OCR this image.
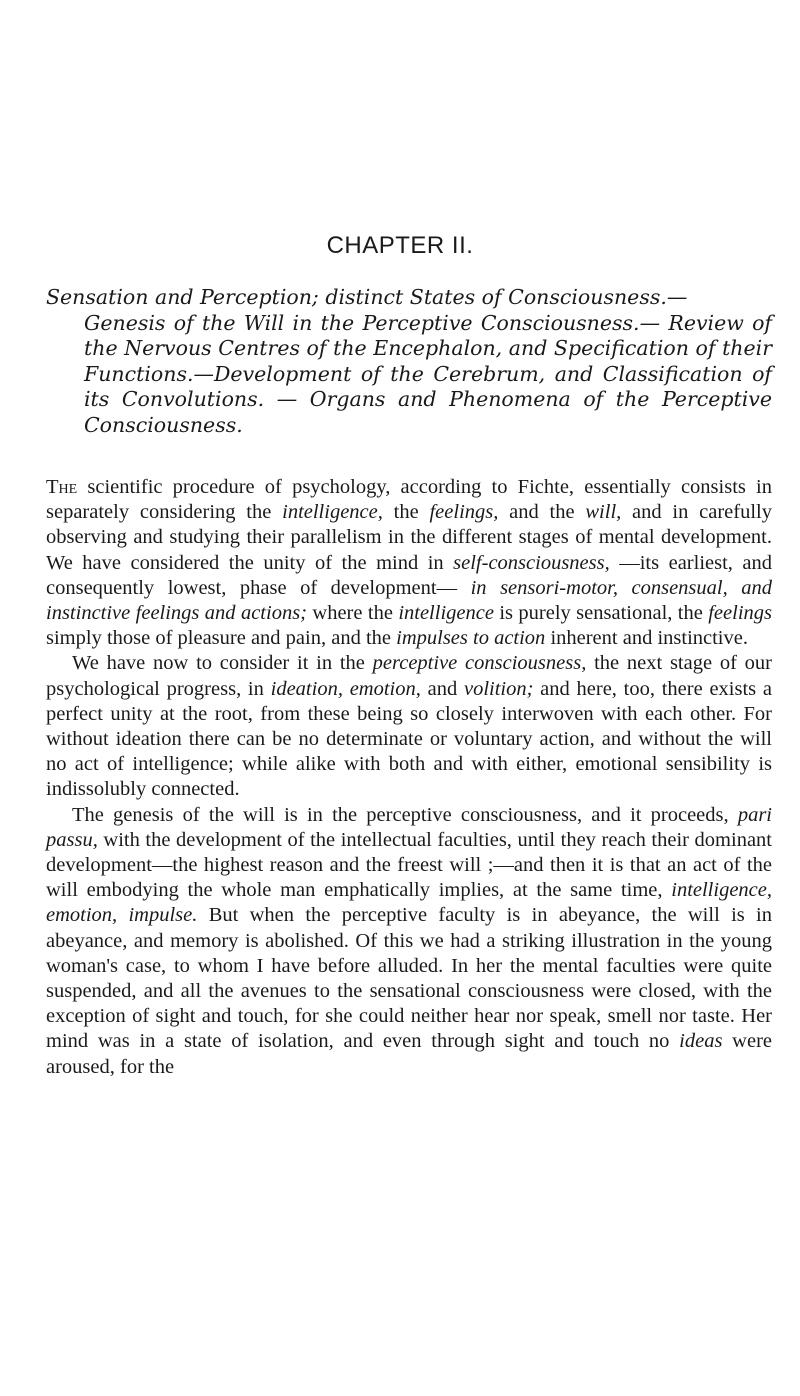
CHAPTER II.
Sensation and Perception; distinct States of Consciousness.—
Genesis of the Will in the Perceptive Consciousness.— Review of the Nervous Centres of the Encephalon, and Specification of their Functions.—Development of the Cerebrum, and Classification of its Convolutions. — Organs and Phenomena of the Perceptive Consciousness.

The scientific procedure of psychology, according to Fichte, essentially consists in separately considering the intelligence, the feelings, and the will, and in carefully observing and studying their parallelism in the different stages of mental development. We have considered the unity of the mind in self-consciousness, —its earliest, and consequently lowest, phase of development— in sensori-motor, consensual, and instinctive feelings and actions; where the intelligence is purely sensational, the feelings simply those of pleasure and pain, and the impulses to action inherent and instinctive.

We have now to consider it in the perceptive consciousness, the next stage of our psychological progress, in ideation, emotion, and volition; and here, too, there exists a perfect unity at the root, from these being so closely interwoven with each other. For without ideation there can be no determinate or voluntary action, and without the will no act of intelligence; while alike with both and with either, emotional sensibility is indissolubly connected.

The genesis of the will is in the perceptive consciousness, and it proceeds, pari passu, with the development of the intellectual faculties, until they reach their dominant development—the highest reason and the freest will ;—and then it is that an act of the will embodying the whole man emphatically implies, at the same time, intelligence, emotion, impulse. But when the perceptive faculty is in abeyance, the will is in abeyance, and memory is abolished. Of this we had a striking illustration in the young woman's case, to whom I have before alluded. In her the mental faculties were quite suspended, and all the avenues to the sensational consciousness were closed, with the exception of sight and touch, for she could neither hear nor speak, smell nor taste. Her mind was in a state of isolation, and even through sight and touch no ideas were aroused, for the
